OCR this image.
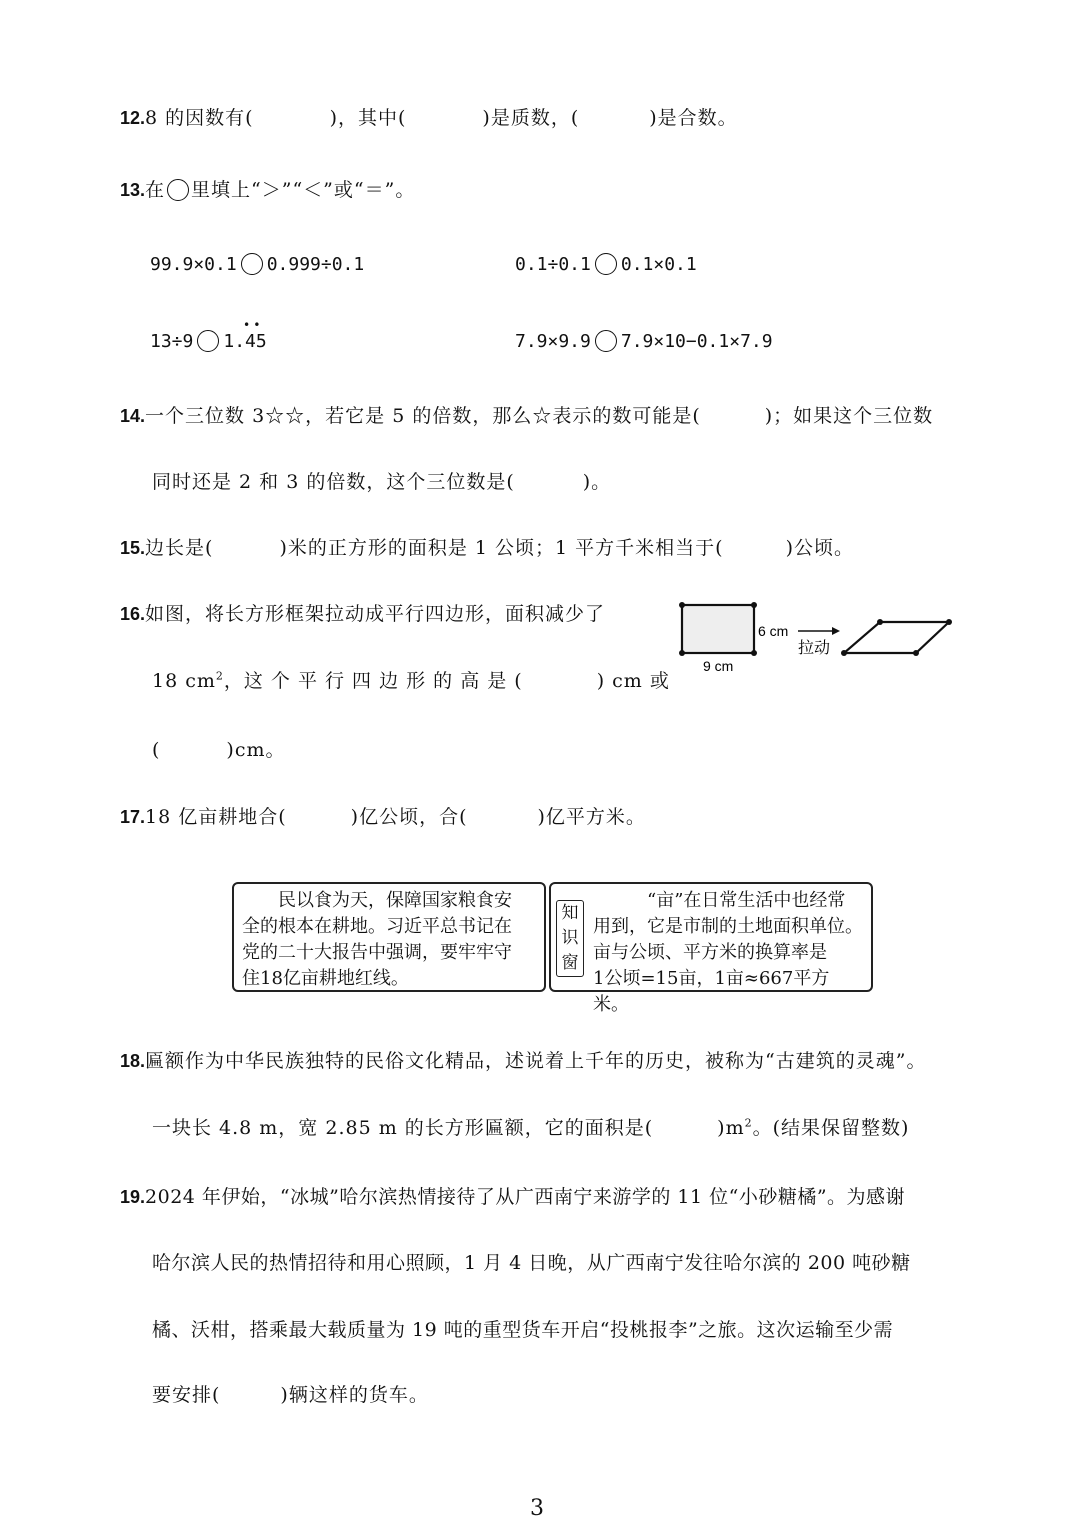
12.8 的因数有(	)，其中(	)是质数，(	)是合数。
13.在 里填上“＞”“＜”或“＝”。
99.9×0.1 0.999÷0.1	0.1÷0.1 0.1×0.1
13÷9 1.•• 45	7.9×9.9 7.9×10−0.1×7.9
14.一个三位数 3☆☆，若它是 5 的倍数，那么☆表示的数可能是(	)；如果这个三位数
同时还是 2 和 3 的倍数，这个三位数是(	)。
15.边长是(	)米的正方形的面积是 1 公顷；1 平方千米相当于(	)公顷。
16.如图，将长方形框架拉动成平行四边形，面积减少了
18 $cm^2$，这 个 平 行 四 边 形 的 高 是 (	) cm 或
(	)cm。
6 cm
9 cm
拉动
17.18 亿亩耕地合(	)亿公顷，合(	)亿平方米。
民以食为天，保障国家粮食安
全的根本在耕地。习近平总书记在
党的二十大报告中强调，要牢牢守
住18亿亩耕地红线。
知
识
窗
“亩”在日常生活中也经常
用到，它是市制的土地面积单位。
亩与公顷、平方米的换算率是
1公顷=15亩，1亩≈667平方米。
18.匾额作为中华民族独特的民俗文化精品，述说着上千年的历史，被称为“古建筑的灵魂”。
一块长 4.8 m，宽 2.85 m 的长方形匾额，它的面积是(	)$m^2$。(结果保留整数)
19.2024 年伊始，“冰城”哈尔滨热情接待了从广西南宁来游学的 11 位“小砂糖橘”。为感谢
哈尔滨人民的热情招待和用心照顾，1 月 4 日晚，从广西南宁发往哈尔滨的 200 吨砂糖
橘、沃柑，搭乘最大载质量为 19 吨的重型货车开启“投桃报李”之旅。这次运输至少需
要安排(	)辆这样的货车。
3
